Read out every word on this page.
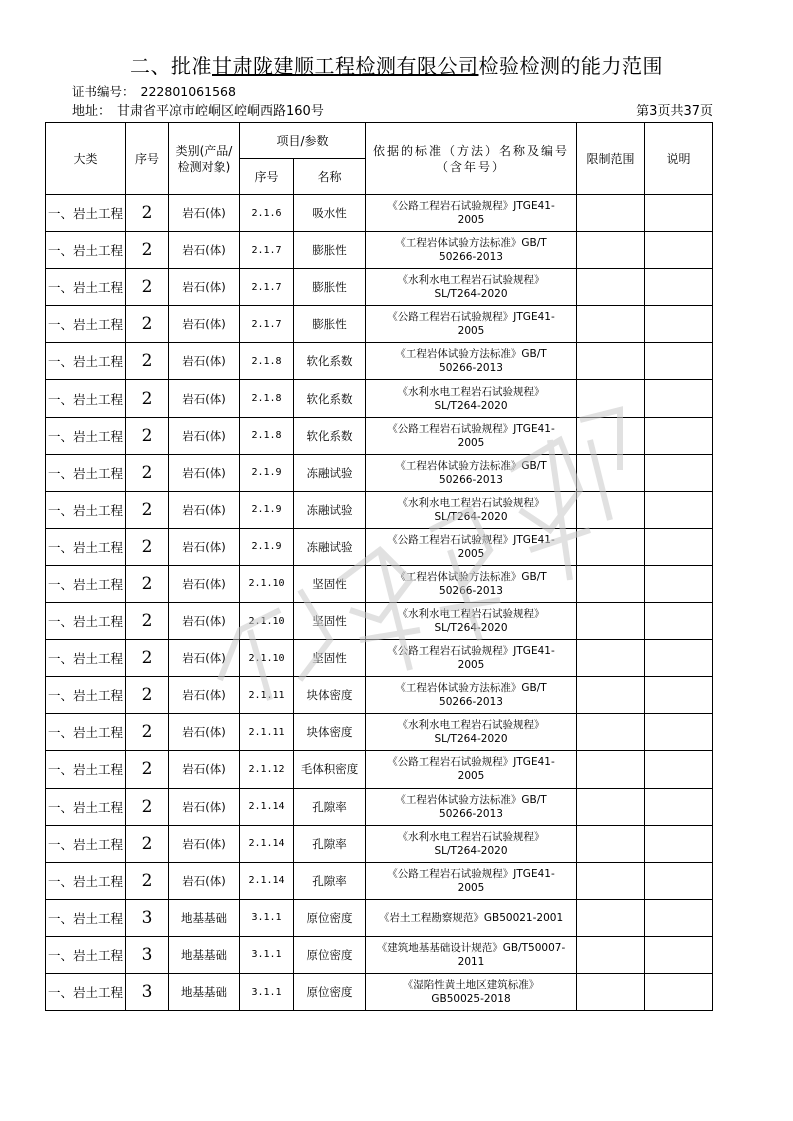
二、批准甘肃陇建顺工程检测有限公司检验检测的能力范围
证书编号： 222801061568
地址： 甘肃省平凉市崆峒区崆峒西路160号	第3页共37页
大类	序号	类别(产品/检测对象)	项目/参数		依据的标准（方法）名称及编号
（含年号）	限制范围	说明
			序号	名称			
一、岩土工程	2	岩石(体)	2.1.6	吸水性	《公路工程岩石试验规程》JTGE41-
2005		

一、岩土工程	2	岩石(体)	2.1.7	膨胀性	《工程岩体试验方法标准》GB/T
50266-2013		

一、岩土工程	2	岩石(体)	2.1.7	膨胀性	《水利水电工程岩石试验规程》
SL/T264-2020		

一、岩土工程	2	岩石(体)	2.1.7	膨胀性	《公路工程岩石试验规程》JTGE41-
2005		

一、岩土工程	2	岩石(体)	2.1.8	软化系数	《工程岩体试验方法标准》GB/T
50266-2013		

一、岩土工程	2	岩石(体)	2.1.8	软化系数	《水利水电工程岩石试验规程》
SL/T264-2020		

一、岩土工程	2	岩石(体)	2.1.8	软化系数	《公路工程岩石试验规程》JTGE41-
2005		

一、岩土工程	2	岩石(体)	2.1.9	冻融试验	《工程岩体试验方法标准》GB/T
50266-2013		

一、岩土工程	2	岩石(体)	2.1.9	冻融试验	《水利水电工程岩石试验规程》
SL/T264-2020		

一、岩土工程	2	岩石(体)	2.1.9	冻融试验	《公路工程岩石试验规程》JTGE41-
2005		

一、岩土工程	2	岩石(体)	2.1.10	坚固性	《工程岩体试验方法标准》GB/T
50266-2013		

一、岩土工程	2	岩石(体)	2.1.10	坚固性	《水利水电工程岩石试验规程》
SL/T264-2020		

一、岩土工程	2	岩石(体)	2.1.10	坚固性	《公路工程岩石试验规程》JTGE41-
2005		

一、岩土工程	2	岩石(体)	2.1.11	块体密度	《工程岩体试验方法标准》GB/T
50266-2013		

一、岩土工程	2	岩石(体)	2.1.11	块体密度	《水利水电工程岩石试验规程》
SL/T264-2020		

一、岩土工程	2	岩石(体)	2.1.12	毛体积密度	《公路工程岩石试验规程》JTGE41-
2005		

一、岩土工程	2	岩石(体)	2.1.14	孔隙率	《工程岩体试验方法标准》GB/T
50266-2013		

一、岩土工程	2	岩石(体)	2.1.14	孔隙率	《水利水电工程岩石试验规程》
SL/T264-2020		

一、岩土工程	2	岩石(体)	2.1.14	孔隙率	《公路工程岩石试验规程》JTGE41-
2005		

一、岩土工程	3	地基基础	3.1.1	原位密度	《岩土工程勘察规范》GB50021-2001		

一、岩土工程	3	地基基础	3.1.1	原位密度	《建筑地基基础设计规范》GB/T50007-
2011		

一、岩土工程	3	地基基础	3.1.1	原位密度	《湿陷性黄土地区建筑标准》
GB50025-2018		
